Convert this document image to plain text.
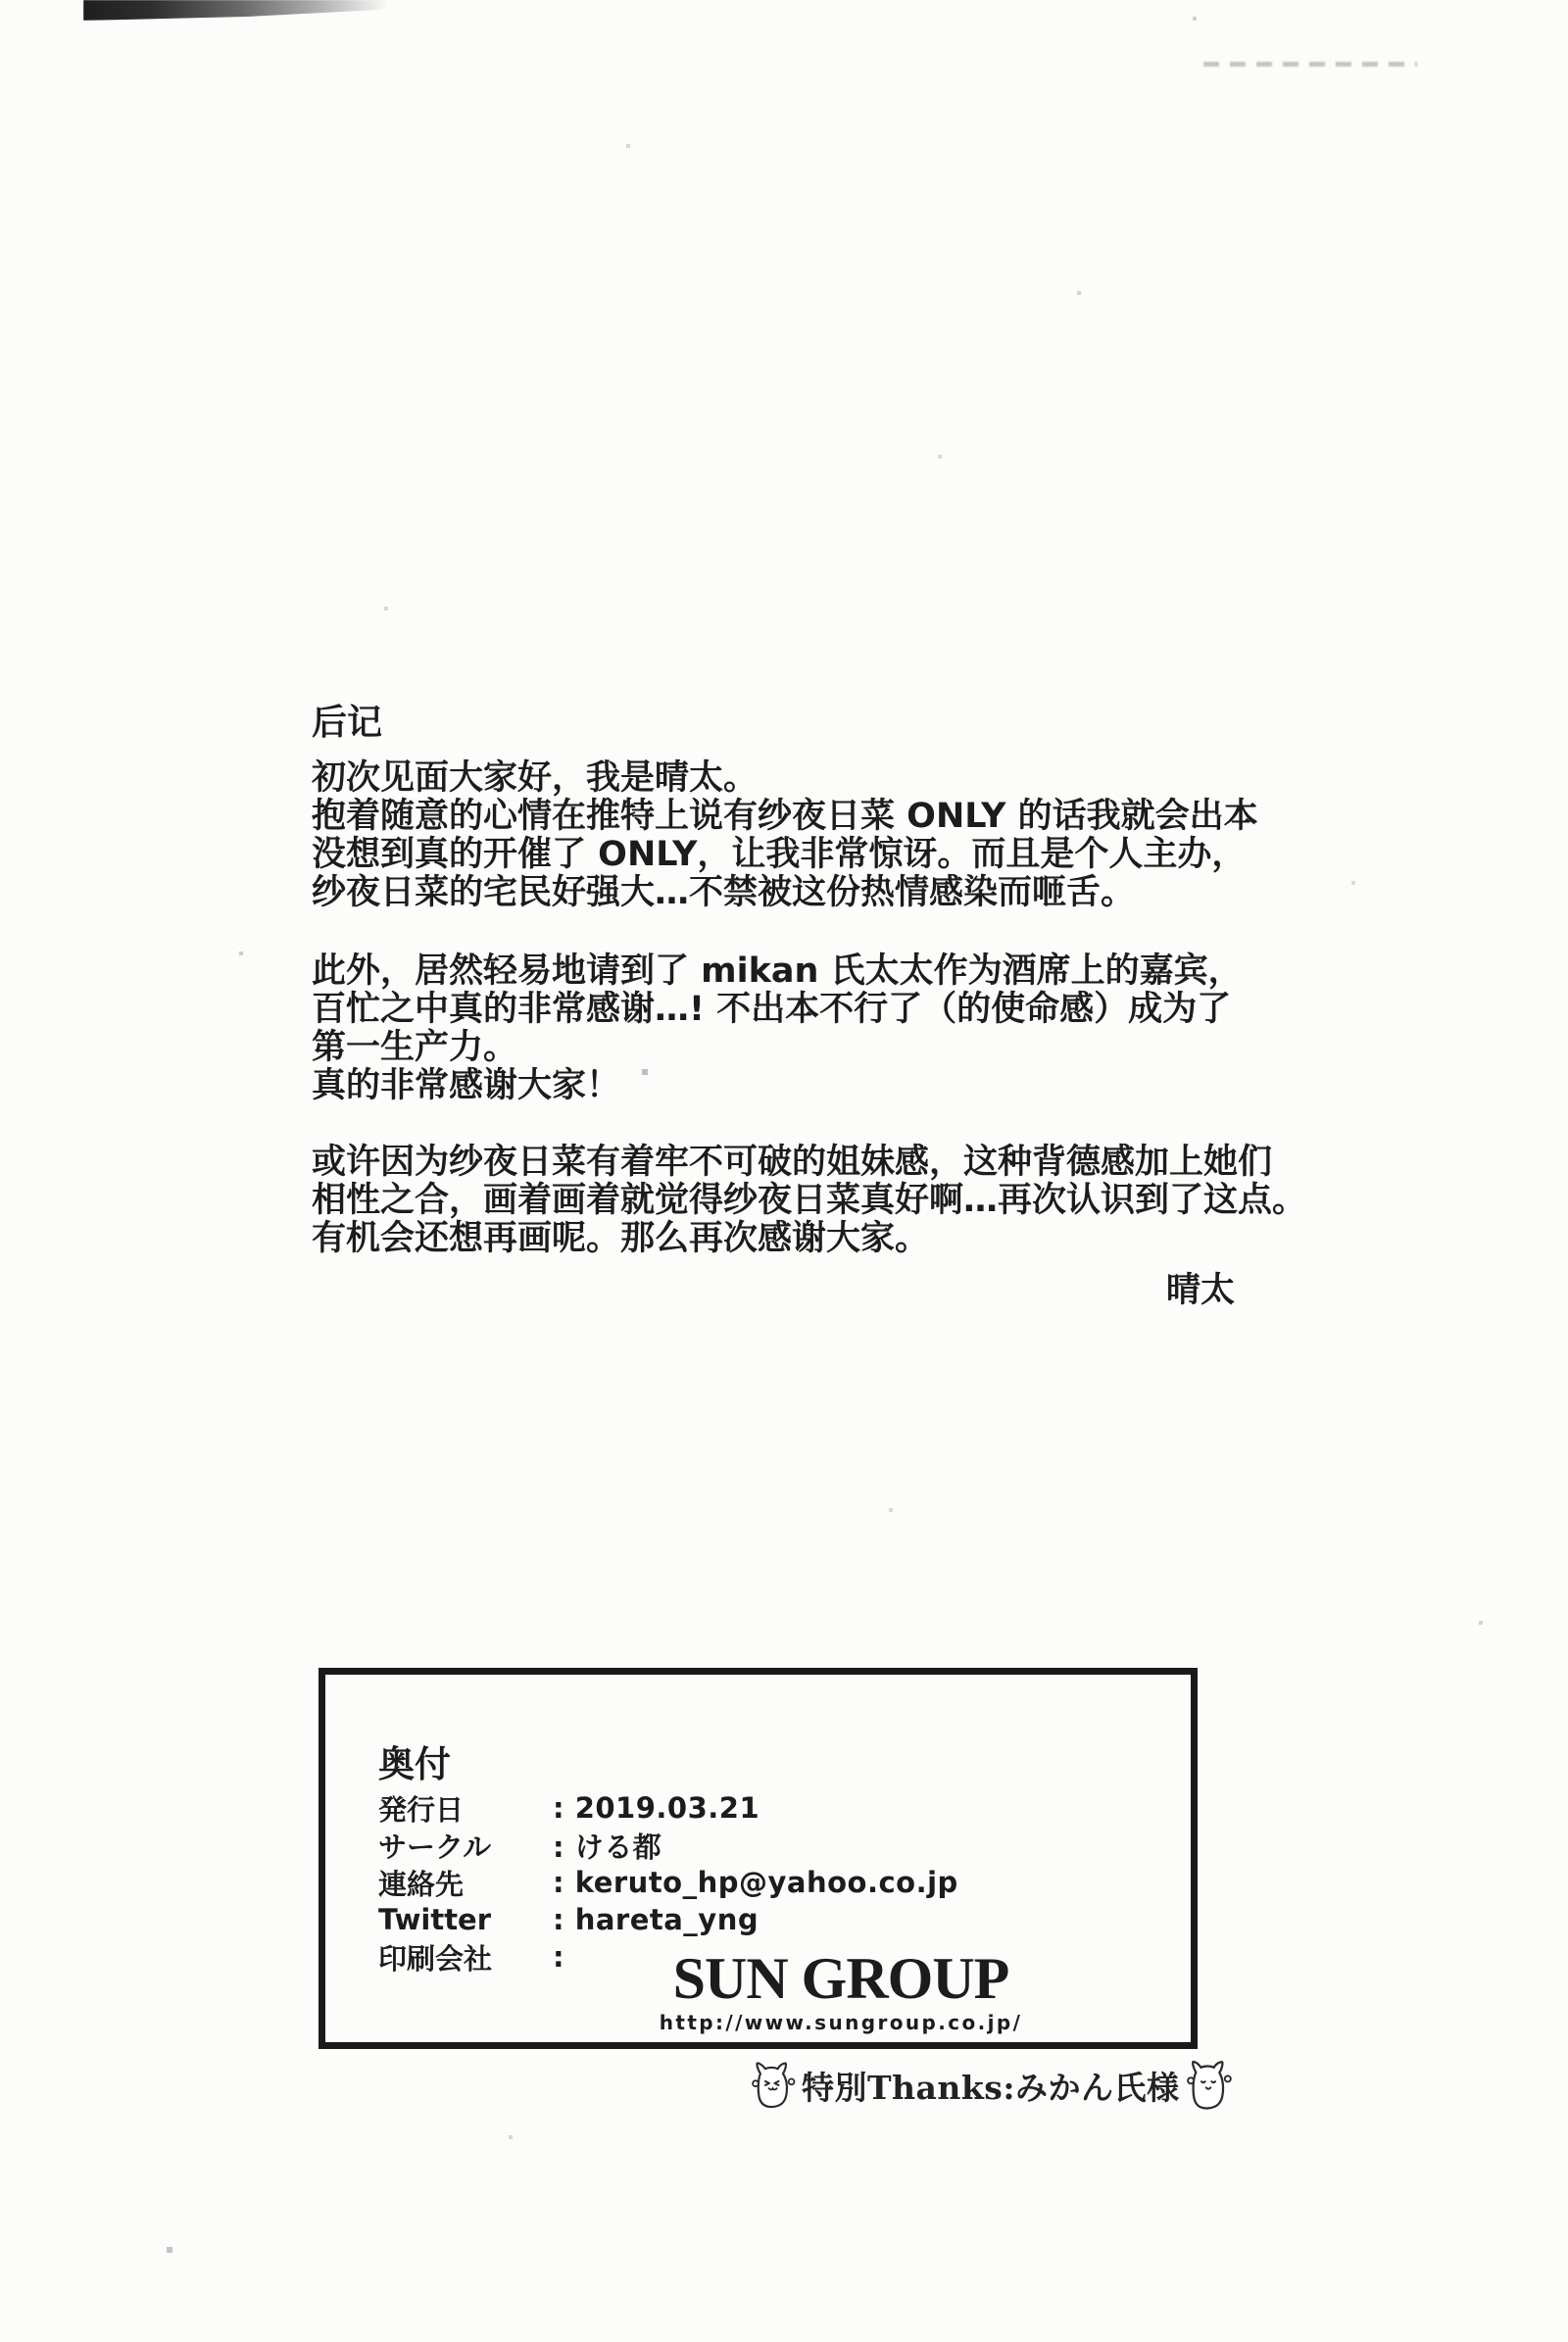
后记
初次见面大家好，我是晴太。
抱着随意的心情在推特上说有纱夜日菜 ONLY 的话我就会出本
没想到真的开催了 ONLY，让我非常惊讶。而且是个人主办，
纱夜日菜的宅民好强大…不禁被这份热情感染而咂舌。
此外，居然轻易地请到了 mikan 氏太太作为酒席上的嘉宾，
百忙之中真的非常感谢…! 不出本不行了（的使命感）成为了
第一生产力。
真的非常感谢大家！
或许因为纱夜日菜有着牢不可破的姐妹感，这种背德感加上她们
相性之合，画着画着就觉得纱夜日菜真好啊…再次认识到了这点。
有机会还想再画呢。那么再次感谢大家。
晴太
奥付
発行日	: 2019.03.21
サークル	: ける都
連絡先	: keruto_hp@yahoo.co.jp
Twitter	: hareta_yng
印刷会社	: SUN GROUP
http://www.sungroup.co.jp/
特別Thanks:みかん氏様
